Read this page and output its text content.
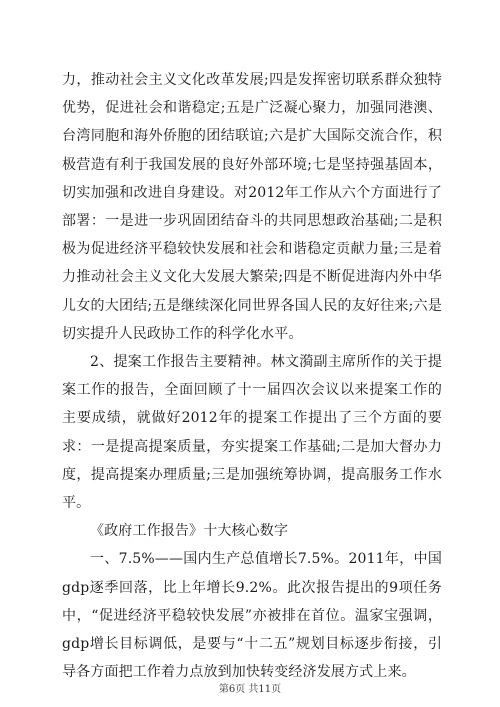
力，推动社会主义文化改革发展;四是发挥密切联系群众独特优势，促进社会和谐稳定;五是广泛凝心聚力，加强同港澳、台湾同胞和海外侨胞的团结联谊;六是扩大国际交流合作，积极营造有利于我国发展的良好外部环境;七是坚持强基固本，切实加强和改进自身建设。对2012年工作从六个方面进行了部署：一是进一步巩固团结奋斗的共同思想政治基础;二是积极为促进经济平稳较快发展和社会和谐稳定贡献力量;三是着力推动社会主义文化大发展大繁荣;四是不断促进海内外中华儿女的大团结;五是继续深化同世界各国人民的友好往来;六是切实提升人民政协工作的科学化水平。

2、提案工作报告主要精神。林文漪副主席所作的关于提案工作的报告，全面回顾了十一届四次会议以来提案工作的主要成绩，就做好2012年的提案工作提出了三个方面的要求：一是提高提案质量，夯实提案工作基础;二是加大督办力度，提高提案办理质量;三是加强统筹协调，提高服务工作水平。

《政府工作报告》十大核心数字

一、7.5%——国内生产总值增长7.5%。2011年，中国gdp逐季回落，比上年增长9.2%。此次报告提出的9项任务中，“促进经济平稳较快发展”亦被排在首位。温家宝强调，gdp增长目标调低，是要与“十二五”规划目标逐步衔接，引导各方面把工作着力点放到加快转变经济发展方式上来。

第6页 共11页
